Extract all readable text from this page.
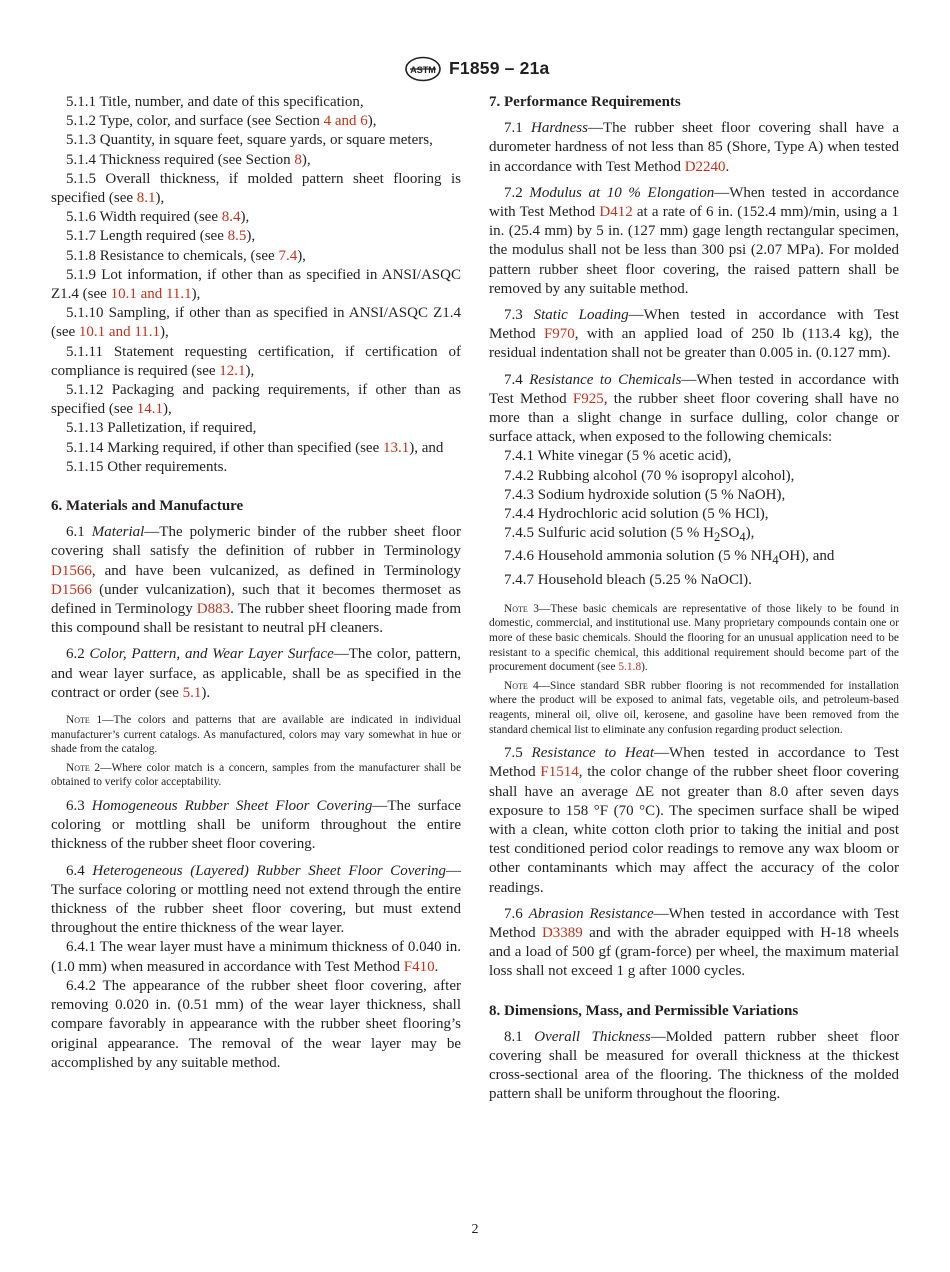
ASTM F1859 – 21a

5.1.1 Title, number, and date of this specification,

5.1.2 Type, color, and surface (see Section 4 and 6),

5.1.3 Quantity, in square feet, square yards, or square meters,

5.1.4 Thickness required (see Section 8),

5.1.5 Overall thickness, if molded pattern sheet flooring is specified (see 8.1),

5.1.6 Width required (see 8.4),

5.1.7 Length required (see 8.5),

5.1.8 Resistance to chemicals, (see 7.4),

5.1.9 Lot information, if other than as specified in ANSI/ASQC Z1.4 (see 10.1 and 11.1),

5.1.10 Sampling, if other than as specified in ANSI/ASQC Z1.4 (see 10.1 and 11.1),

5.1.11 Statement requesting certification, if certification of compliance is required (see 12.1),

5.1.12 Packaging and packing requirements, if other than as specified (see 14.1),

5.1.13 Palletization, if required,

5.1.14 Marking required, if other than specified (see 13.1), and

5.1.15 Other requirements.

6. Materials and Manufacture

6.1 Material—The polymeric binder of the rubber sheet floor covering shall satisfy the definition of rubber in Terminology D1566, and have been vulcanized, as defined in Terminology D1566 (under vulcanization), such that it becomes thermoset as defined in Terminology D883. The rubber sheet flooring made from this compound shall be resistant to neutral pH cleaners.

6.2 Color, Pattern, and Wear Layer Surface—The color, pattern, and wear layer surface, as applicable, shall be as specified in the contract or order (see 5.1).

Note 1—The colors and patterns that are available are indicated in individual manufacturer’s current catalogs. As manufactured, colors may vary somewhat in hue or shade from the catalog.

Note 2—Where color match is a concern, samples from the manufacturer shall be obtained to verify color acceptability.

6.3 Homogeneous Rubber Sheet Floor Covering—The surface coloring or mottling shall be uniform throughout the entire thickness of the rubber sheet floor covering.

6.4 Heterogeneous (Layered) Rubber Sheet Floor Covering—The surface coloring or mottling need not extend through the entire thickness of the rubber sheet floor covering, but must extend throughout the entire thickness of the wear layer.

6.4.1 The wear layer must have a minimum thickness of 0.040 in. (1.0 mm) when measured in accordance with Test Method F410.

6.4.2 The appearance of the rubber sheet floor covering, after removing 0.020 in. (0.51 mm) of the wear layer thickness, shall compare favorably in appearance with the rubber sheet flooring’s original appearance. The removal of the wear layer may be accomplished by any suitable method.

7. Performance Requirements

7.1 Hardness—The rubber sheet floor covering shall have a durometer hardness of not less than 85 (Shore, Type A) when tested in accordance with Test Method D2240.

7.2 Modulus at 10 % Elongation—When tested in accordance with Test Method D412 at a rate of 6 in. (152.4 mm)/min, using a 1 in. (25.4 mm) by 5 in. (127 mm) gage length rectangular specimen, the modulus shall not be less than 300 psi (2.07 MPa). For molded pattern rubber sheet floor covering, the raised pattern shall be removed by any suitable method.

7.3 Static Loading—When tested in accordance with Test Method F970, with an applied load of 250 lb (113.4 kg), the residual indentation shall not be greater than 0.005 in. (0.127 mm).

7.4 Resistance to Chemicals—When tested in accordance with Test Method F925, the rubber sheet floor covering shall have no more than a slight change in surface dulling, color change or surface attack, when exposed to the following chemicals:

7.4.1 White vinegar (5 % acetic acid),

7.4.2 Rubbing alcohol (70 % isopropyl alcohol),

7.4.3 Sodium hydroxide solution (5 % NaOH),

7.4.4 Hydrochloric acid solution (5 % HCl),

7.4.5 Sulfuric acid solution (5 % $H_2SO_4$),

7.4.6 Household ammonia solution (5 % $NH_4OH$), and

7.4.7 Household bleach (5.25 % NaOCl).

Note 3—These basic chemicals are representative of those likely to be found in domestic, commercial, and institutional use. Many proprietary compounds contain one or more of these basic chemicals. Should the flooring for an unusual application need to be resistant to a specific chemical, this additional requirement should become part of the procurement document (see 5.1.8).

Note 4—Since standard SBR rubber flooring is not recommended for installation where the product will be exposed to animal fats, vegetable oils, and petroleum-based reagents, mineral oil, olive oil, kerosene, and gasoline have been removed from the standard chemical list to eliminate any confusion regarding product selection.

7.5 Resistance to Heat—When tested in accordance to Test Method F1514, the color change of the rubber sheet floor covering shall have an average ΔE not greater than 8.0 after seven days exposure to 158 °F (70 °C). The specimen surface shall be wiped with a clean, white cotton cloth prior to taking the initial and post test conditioned period color readings to remove any wax bloom or other contaminants which may affect the accuracy of the color readings.

7.6 Abrasion Resistance—When tested in accordance with Test Method D3389 and with the abrader equipped with H-18 wheels and a load of 500 gf (gram-force) per wheel, the maximum material loss shall not exceed 1 g after 1000 cycles.

8. Dimensions, Mass, and Permissible Variations

8.1 Overall Thickness—Molded pattern rubber sheet floor covering shall be measured for overall thickness at the thickest cross-sectional area of the flooring. The thickness of the molded pattern shall be uniform throughout the flooring.

2
